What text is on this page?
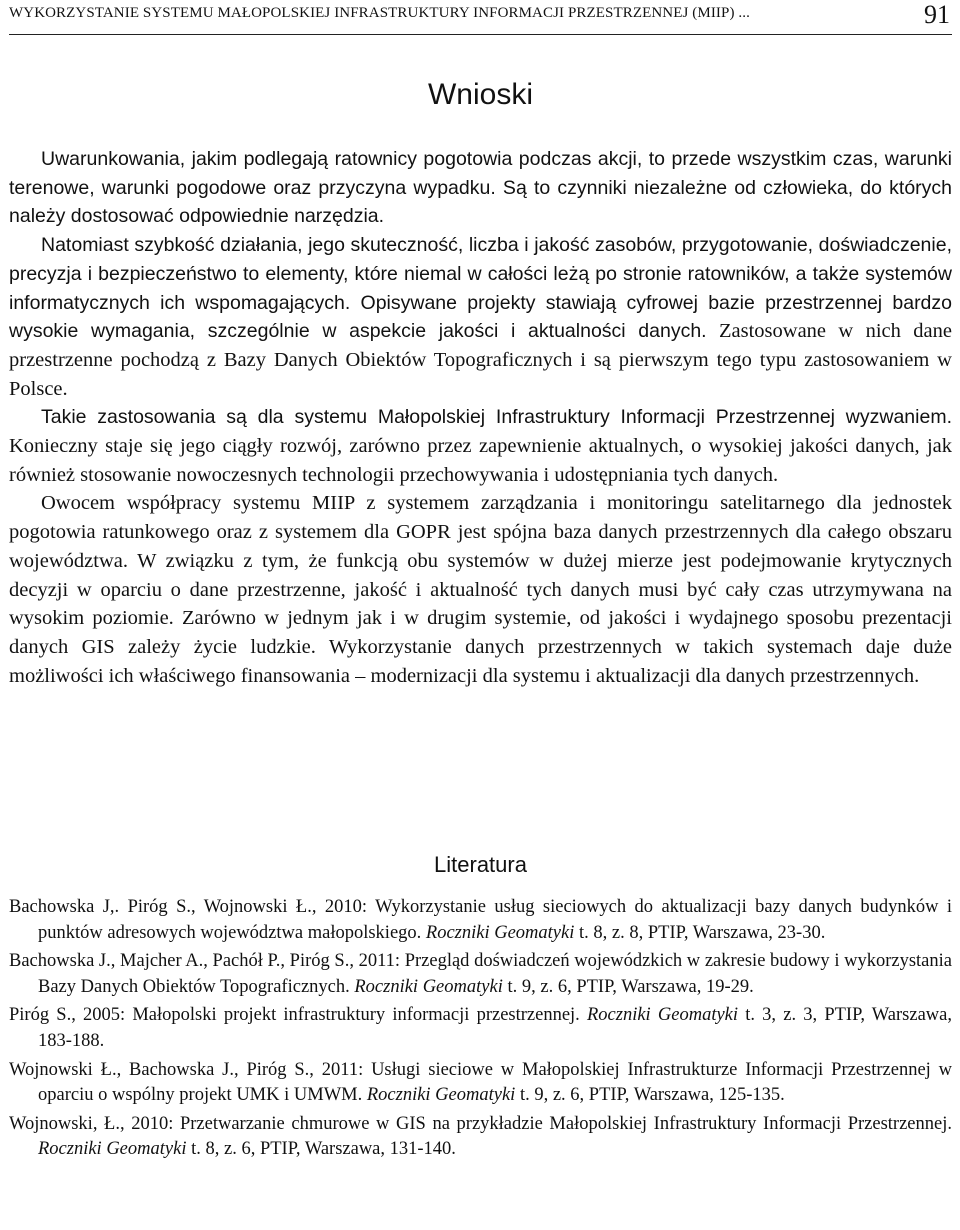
WYKORZYSTANIE SYSTEMU MAŁOPOLSKIEJ INFRASTRUKTURY INFORMACJI PRZESTRZENNEJ (MIIP) ...	91
Wnioski

Uwarunkowania, jakim podlegają ratownicy pogotowia podczas akcji, to przede wszystkim czas, warunki terenowe, warunki pogodowe oraz przyczyna wypadku. Są to czynniki niezależne od człowieka, do których należy dostosować odpowiednie narzędzia.

Natomiast szybkość działania, jego skuteczność, liczba i jakość zasobów, przygotowanie, doświadczenie, precyzja i bezpieczeństwo to elementy, które niemal w całości leżą po stronie ratowników, a także systemów informatycznych ich wspomagających. Opisywane projekty stawiają cyfrowej bazie przestrzennej bardzo wysokie wymagania, szczególnie w aspekcie jakości i aktualności danych. Zastosowane w nich dane przestrzenne pochodzą z Bazy Danych Obiektów Topograficznych i są pierwszym tego typu zastosowaniem w Polsce.

Takie zastosowania są dla systemu Małopolskiej Infrastruktury Informacji Przestrzennej wyzwaniem. Konieczny staje się jego ciągły rozwój, zarówno przez zapewnienie aktualnych, o wysokiej jakości danych, jak również stosowanie nowoczesnych technologii przechowywania i udostępniania tych danych.

Owocem współpracy systemu MIIP z systemem zarządzania i monitoringu satelitarnego dla jednostek pogotowia ratunkowego oraz z systemem dla GOPR jest spójna baza danych przestrzennych dla całego obszaru województwa. W związku z tym, że funkcją obu systemów w dużej mierze jest podejmowanie krytycznych decyzji w oparciu o dane przestrzenne, jakość i aktualność tych danych musi być cały czas utrzymywana na wysokim poziomie. Zarówno w jednym jak i w drugim systemie, od jakości i wydajnego sposobu prezentacji danych GIS zależy życie ludzkie. Wykorzystanie danych przestrzennych w takich systemach daje duże możliwości ich właściwego finansowania – modernizacji dla systemu i aktualizacji dla danych przestrzennych.

Literatura
Bachowska J,. Piróg S., Wojnowski Ł., 2010: Wykorzystanie usług sieciowych do aktualizacji bazy danych budynków i punktów adresowych województwa małopolskiego. Roczniki Geomatyki t. 8, z. 8, PTIP, Warszawa, 23-30.
Bachowska J., Majcher A., Pachół P., Piróg S., 2011: Przegląd doświadczeń wojewódzkich w zakresie budowy i wykorzystania Bazy Danych Obiektów Topograficznych. Roczniki Geomatyki t. 9, z. 6, PTIP, Warszawa, 19-29.
Piróg S., 2005: Małopolski projekt infrastruktury informacji przestrzennej. Roczniki Geomatyki t. 3, z. 3, PTIP, Warszawa, 183-188.
Wojnowski Ł., Bachowska J., Piróg S., 2011: Usługi sieciowe w Małopolskiej Infrastrukturze Informacji Przestrzennej w oparciu o wspólny projekt UMK i UMWM. Roczniki Geomatyki t. 9, z. 6, PTIP, Warszawa, 125-135.
Wojnowski, Ł., 2010: Przetwarzanie chmurowe w GIS na przykładzie Małopolskiej Infrastruktury Informacji Przestrzennej. Roczniki Geomatyki t. 8, z. 6, PTIP, Warszawa, 131-140.
